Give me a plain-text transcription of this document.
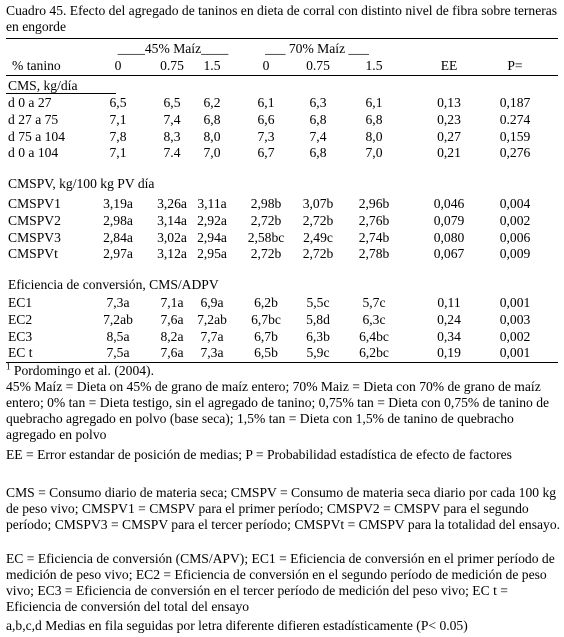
Cuadro 45. Efecto del agregado de taninos en dieta de corral con distinto nivel de fibra sobre terneras en engorde
____45% Maíz____	___ 70% Maíz ___
% tanino	0	0.75	1.5	0	0.75	1.5	EE	P=
CMS, kg/día
d 0 a 27	6,5	6,5	6,2	6,1	6,3	6,1	0,13	0,187
d 27 a 75	7,1	7,4	6,8	6,6	6,8	6,8	0,23	0.274
d 75 a 104	7,8	8,3	8,0	7,3	7,4	8,0	0,27	0,159
d 0 a 104	7,1	7.4	7,0	6,7	6,8	7,0	0,21	0,276
CMSPV, kg/100 kg PV día
CMSPV1	3,19a	3,26a 3,11a	2,98b	3,07b	2,96b	0,046	0,004
CMSPV2	2,98a	3,14a 2,92a	2,72b	2,72b	2,76b	0,079	0,002
CMSPV3	2,84a	3,02a 2,94a	2,58bc	2,49c	2,74b	0,080	0,006
CMSPVt	2,97a	3,12a 2,95a	2,72b	2,72b	2,78b	0,067	0,009
Eficiencia de conversión, CMS/ADPV
EC1	7,3a	7,1a	6,9a	6,2b	5,5c	5,7c	0,11	0,001
EC2	7,2ab	7,6a 7,2ab	6,7bc	5,8d	6,3c	0,24	0,003
EC3	8,5a	8,2a	7,7a	6,7b	6,3b	6,4bc	0,34	0,002
EC t	7,5a	7,6a	7,3a	6,5b	5,9c	6,2bc	0,19	0,001
$^1$ Pordomingo et al. (2004).
45% Maíz = Dieta on 45% de grano de maíz entero; 70% Maiz = Dieta con 70% de grano de maíz entero; 0% tan = Dieta testigo, sin el agregado de tanino; 0,75% tan = Dieta con 0,75% de tanino de quebracho agregado en polvo (base seca); 1,5% tan = Dieta con 1,5% de tanino de quebracho agregado en polvo
EE = Error estandar de posición de medias; P = Probabilidad estadística de efecto de factores
CMS = Consumo diario de materia seca; CMSPV = Consumo de materia seca diario por cada 100 kg de peso vivo; CMSPV1 = CMSPV para el primer período; CMSPV2 = CMSPV para el segundo período; CMSPV3 = CMSPV para el tercer período; CMSPVt = CMSPV para la totalidad del ensayo.
EC = Eficiencia de conversión (CMS/APV); EC1 = Eficiencia de conversión en el primer período de medición de peso vivo; EC2 = Eficiencia de conversión en el segundo período de medición de peso vivo; EC3 = Eficiencia de conversión en el tercer período de medición del peso vivo; EC t = Eficiencia de conversión del total del ensayo
a,b,c,d Medias en fila seguidas por letra diferente difieren estadísticamente (P< 0.05)
